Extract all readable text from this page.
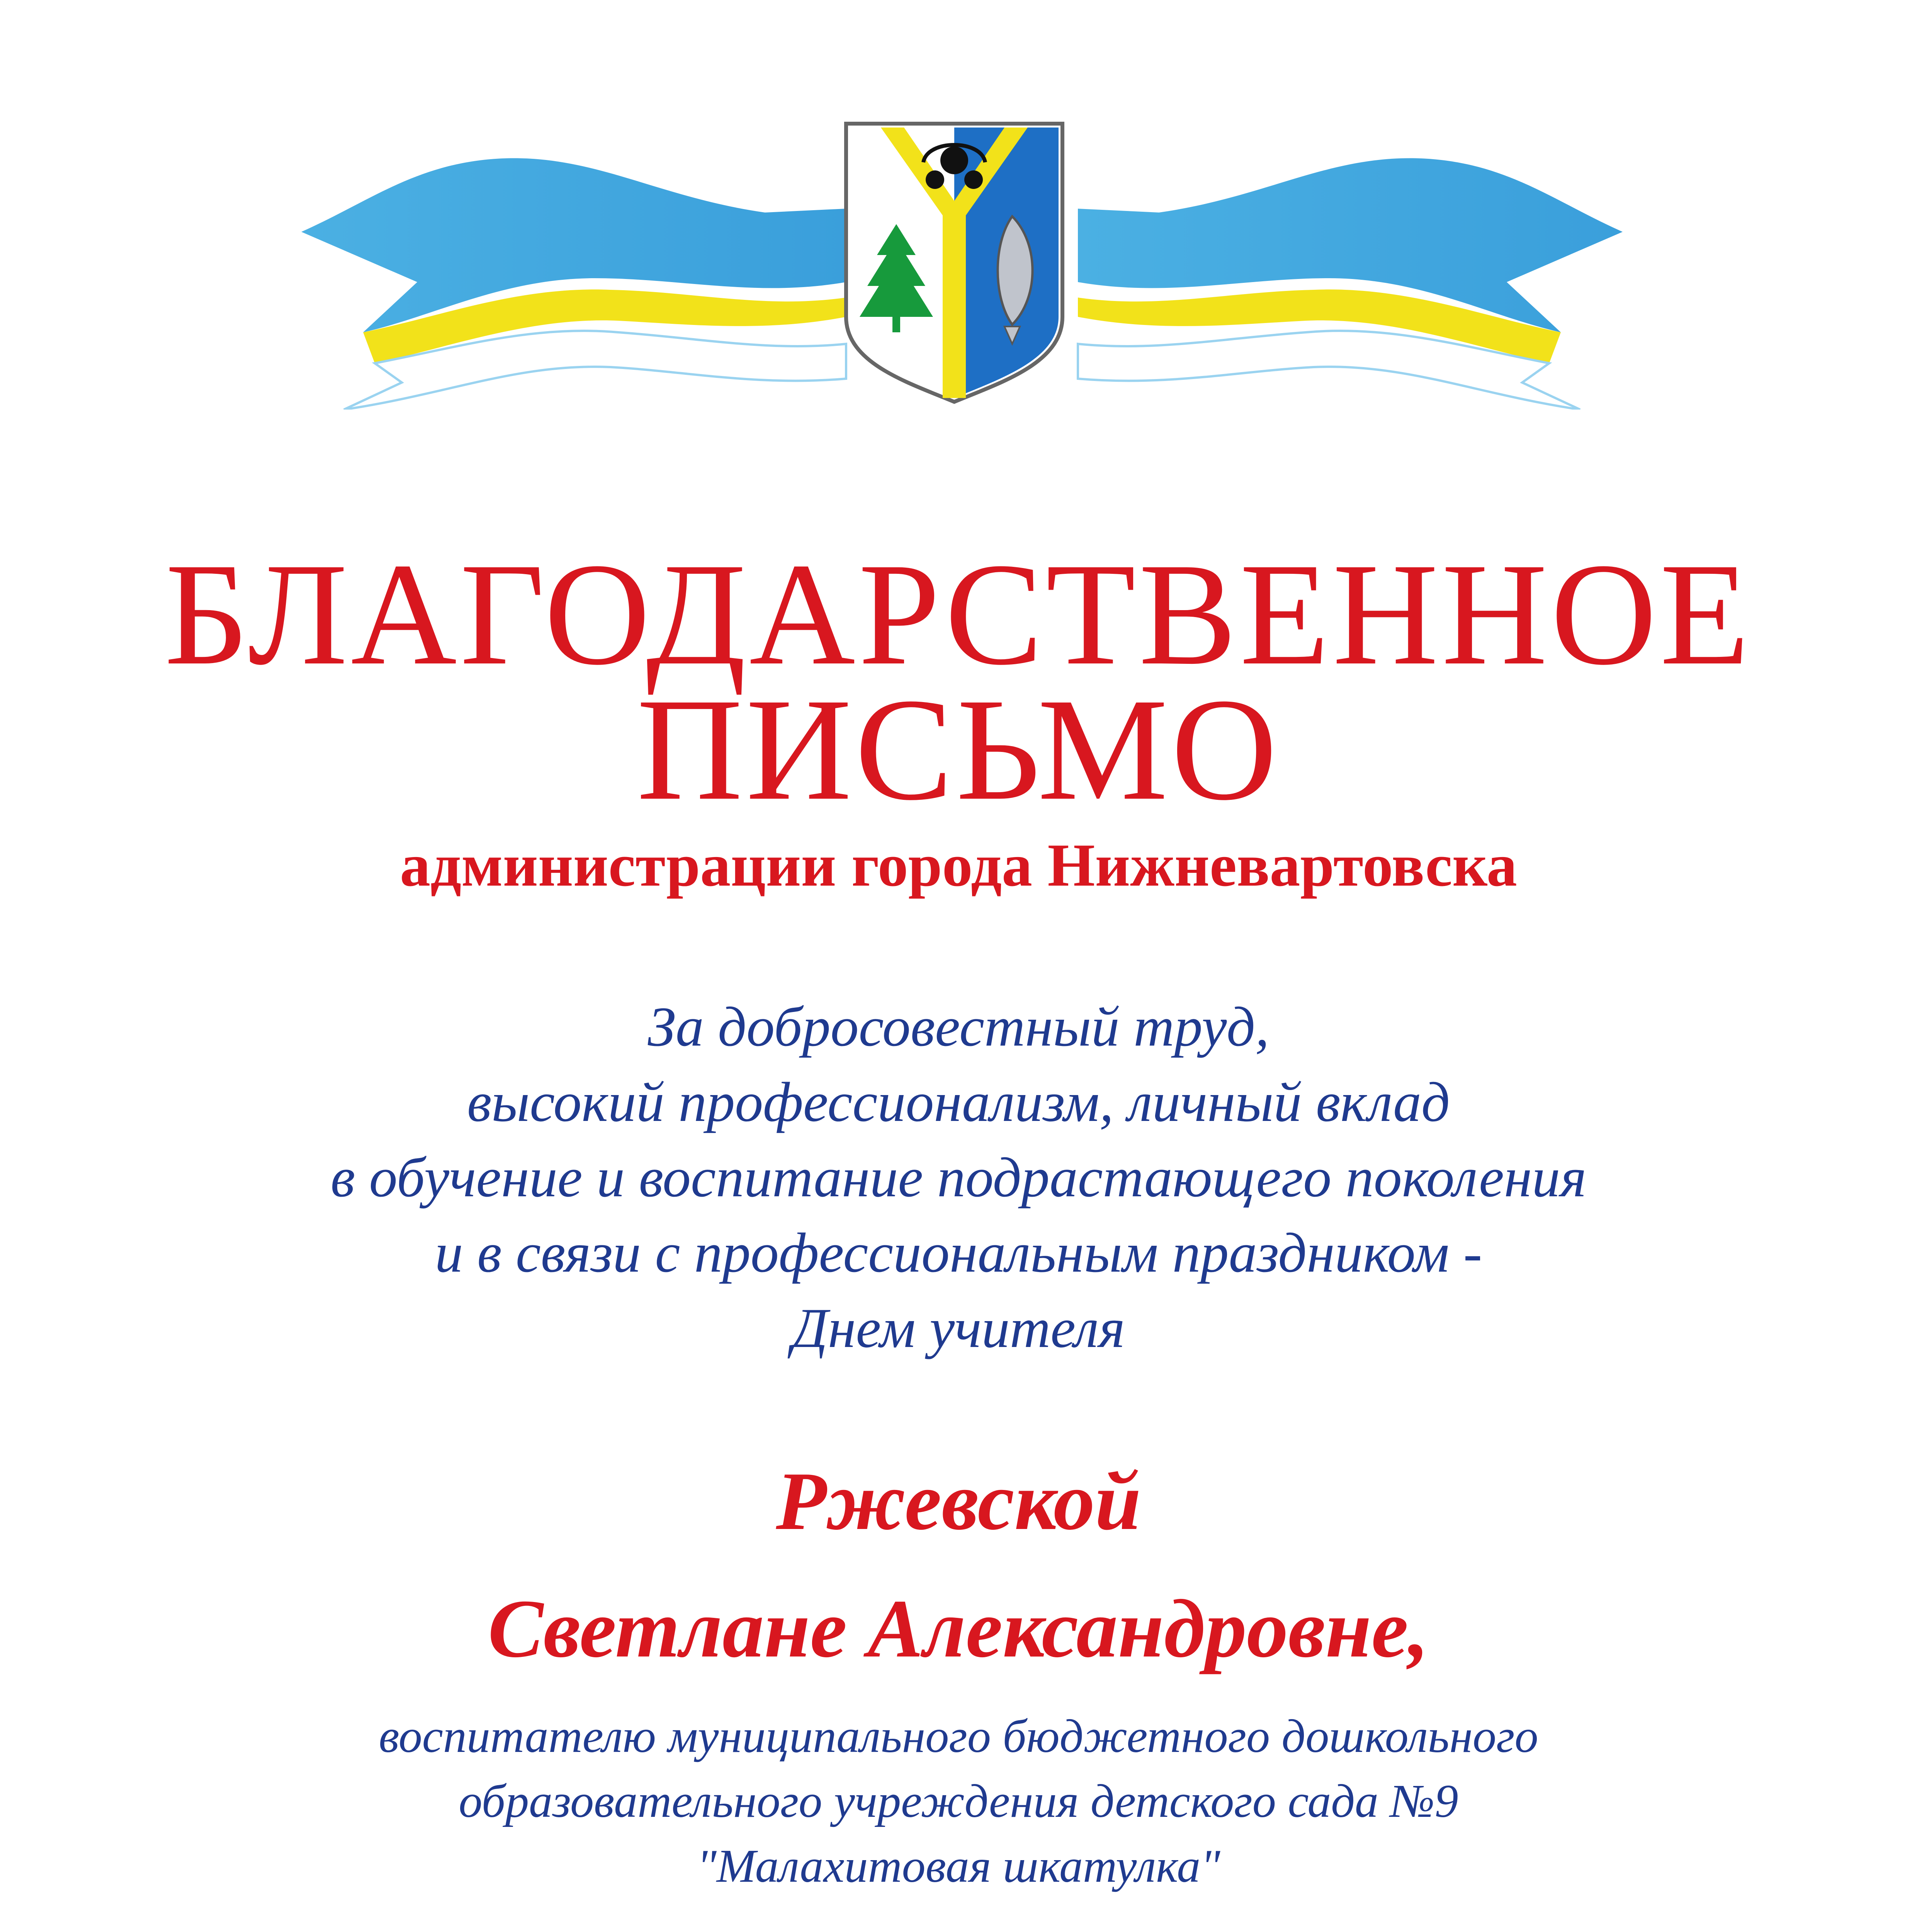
БЛАГОДАРСТВЕННОЕ
ПИСЬМО
администрации города Нижневартовска
За добросовестный труд,
высокий профессионализм, личный вклад
в обучение и воспитание подрастающего поколения
и в связи с профессиональным праздником -
Днем учителя
Ржевской
Светлане Александровне,
воспитателю муниципального бюджетного дошкольного
образовательного учреждения детского сада №9
"Малахитовая шкатулка"
